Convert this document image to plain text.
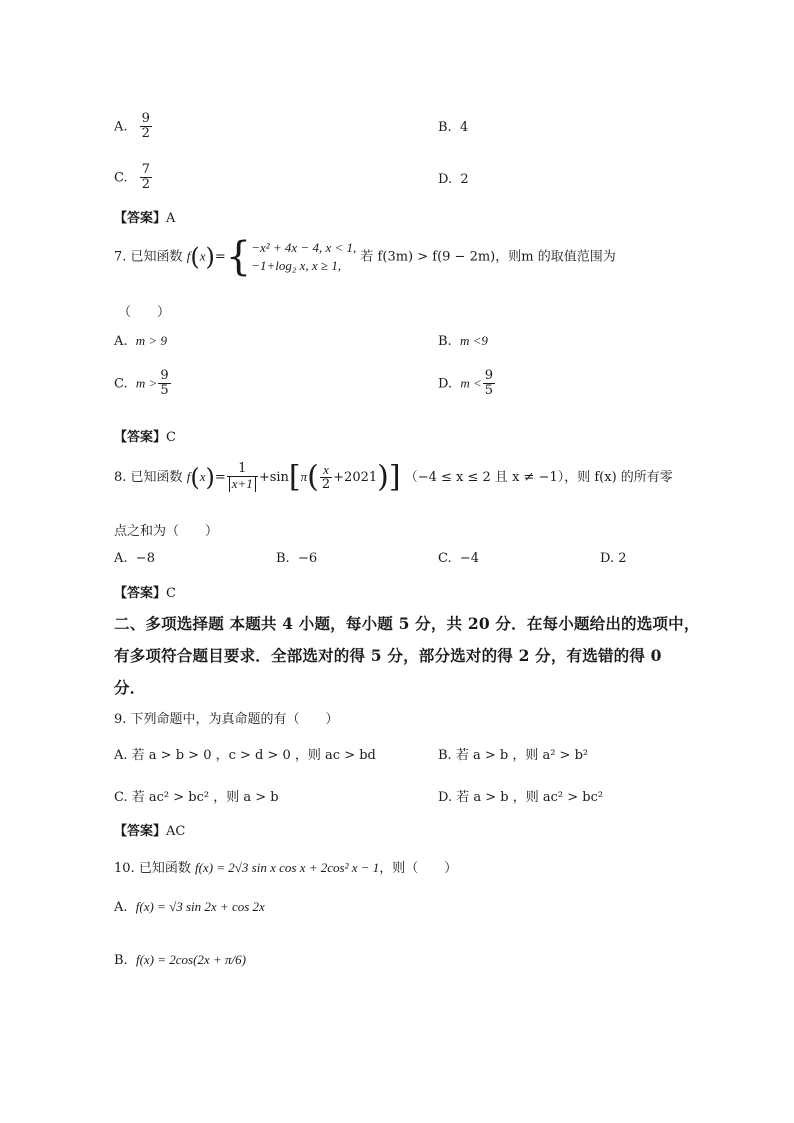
A. $\frac{9}{2}$	B. 4
C. $\frac{7}{2}$	D. 2
【答案】A
7. 已知函数 f(x)={ −x² + 4x − 4, x < 1,
−1+log₂ x, x ≥ 1,
若 f(3m) > f(9 − 2m)，则m 的取值范围为
（　　）
A. m > 9	B. m <9
C. $m > \frac{9}{5}$	D. $m < \frac{9}{5}$
【答案】C
8. 已知函数 $f(x)= \frac{1}{x+1} +\sin[\pi( \frac{x}{2} +2021)] (-4 \le x \le 2$ 且 x ≠ −1），则 f(x) 的所有零
点之和为（　　）
A. −8	B. −6	C. −4	D. 2
【答案】C
二、多项选择题 本题共 4 小题，每小题 5 分，共 20 分．在每小题给出的选项中，
有多项符合题目要求．全部选对的得 5 分，部分选对的得 2 分，有选错的得 0
分．
9. 下列命题中，为真命题的有（　　）
A. 若 a > b > 0 ，c > d > 0 ，则 ac > bd	B. 若 a > b ，则 a² > b²
C. 若 ac² > bc² ，则 a > b	D. 若 a > b ，则 ac² > bc²
【答案】AC
10. 已知函数 f(x) = 2√3 sin x cos x + 2cos² x − 1，则（　　）
A. f(x) = √3 sin 2x + cos 2x
B. f(x) = 2cos(2x + π/6)
